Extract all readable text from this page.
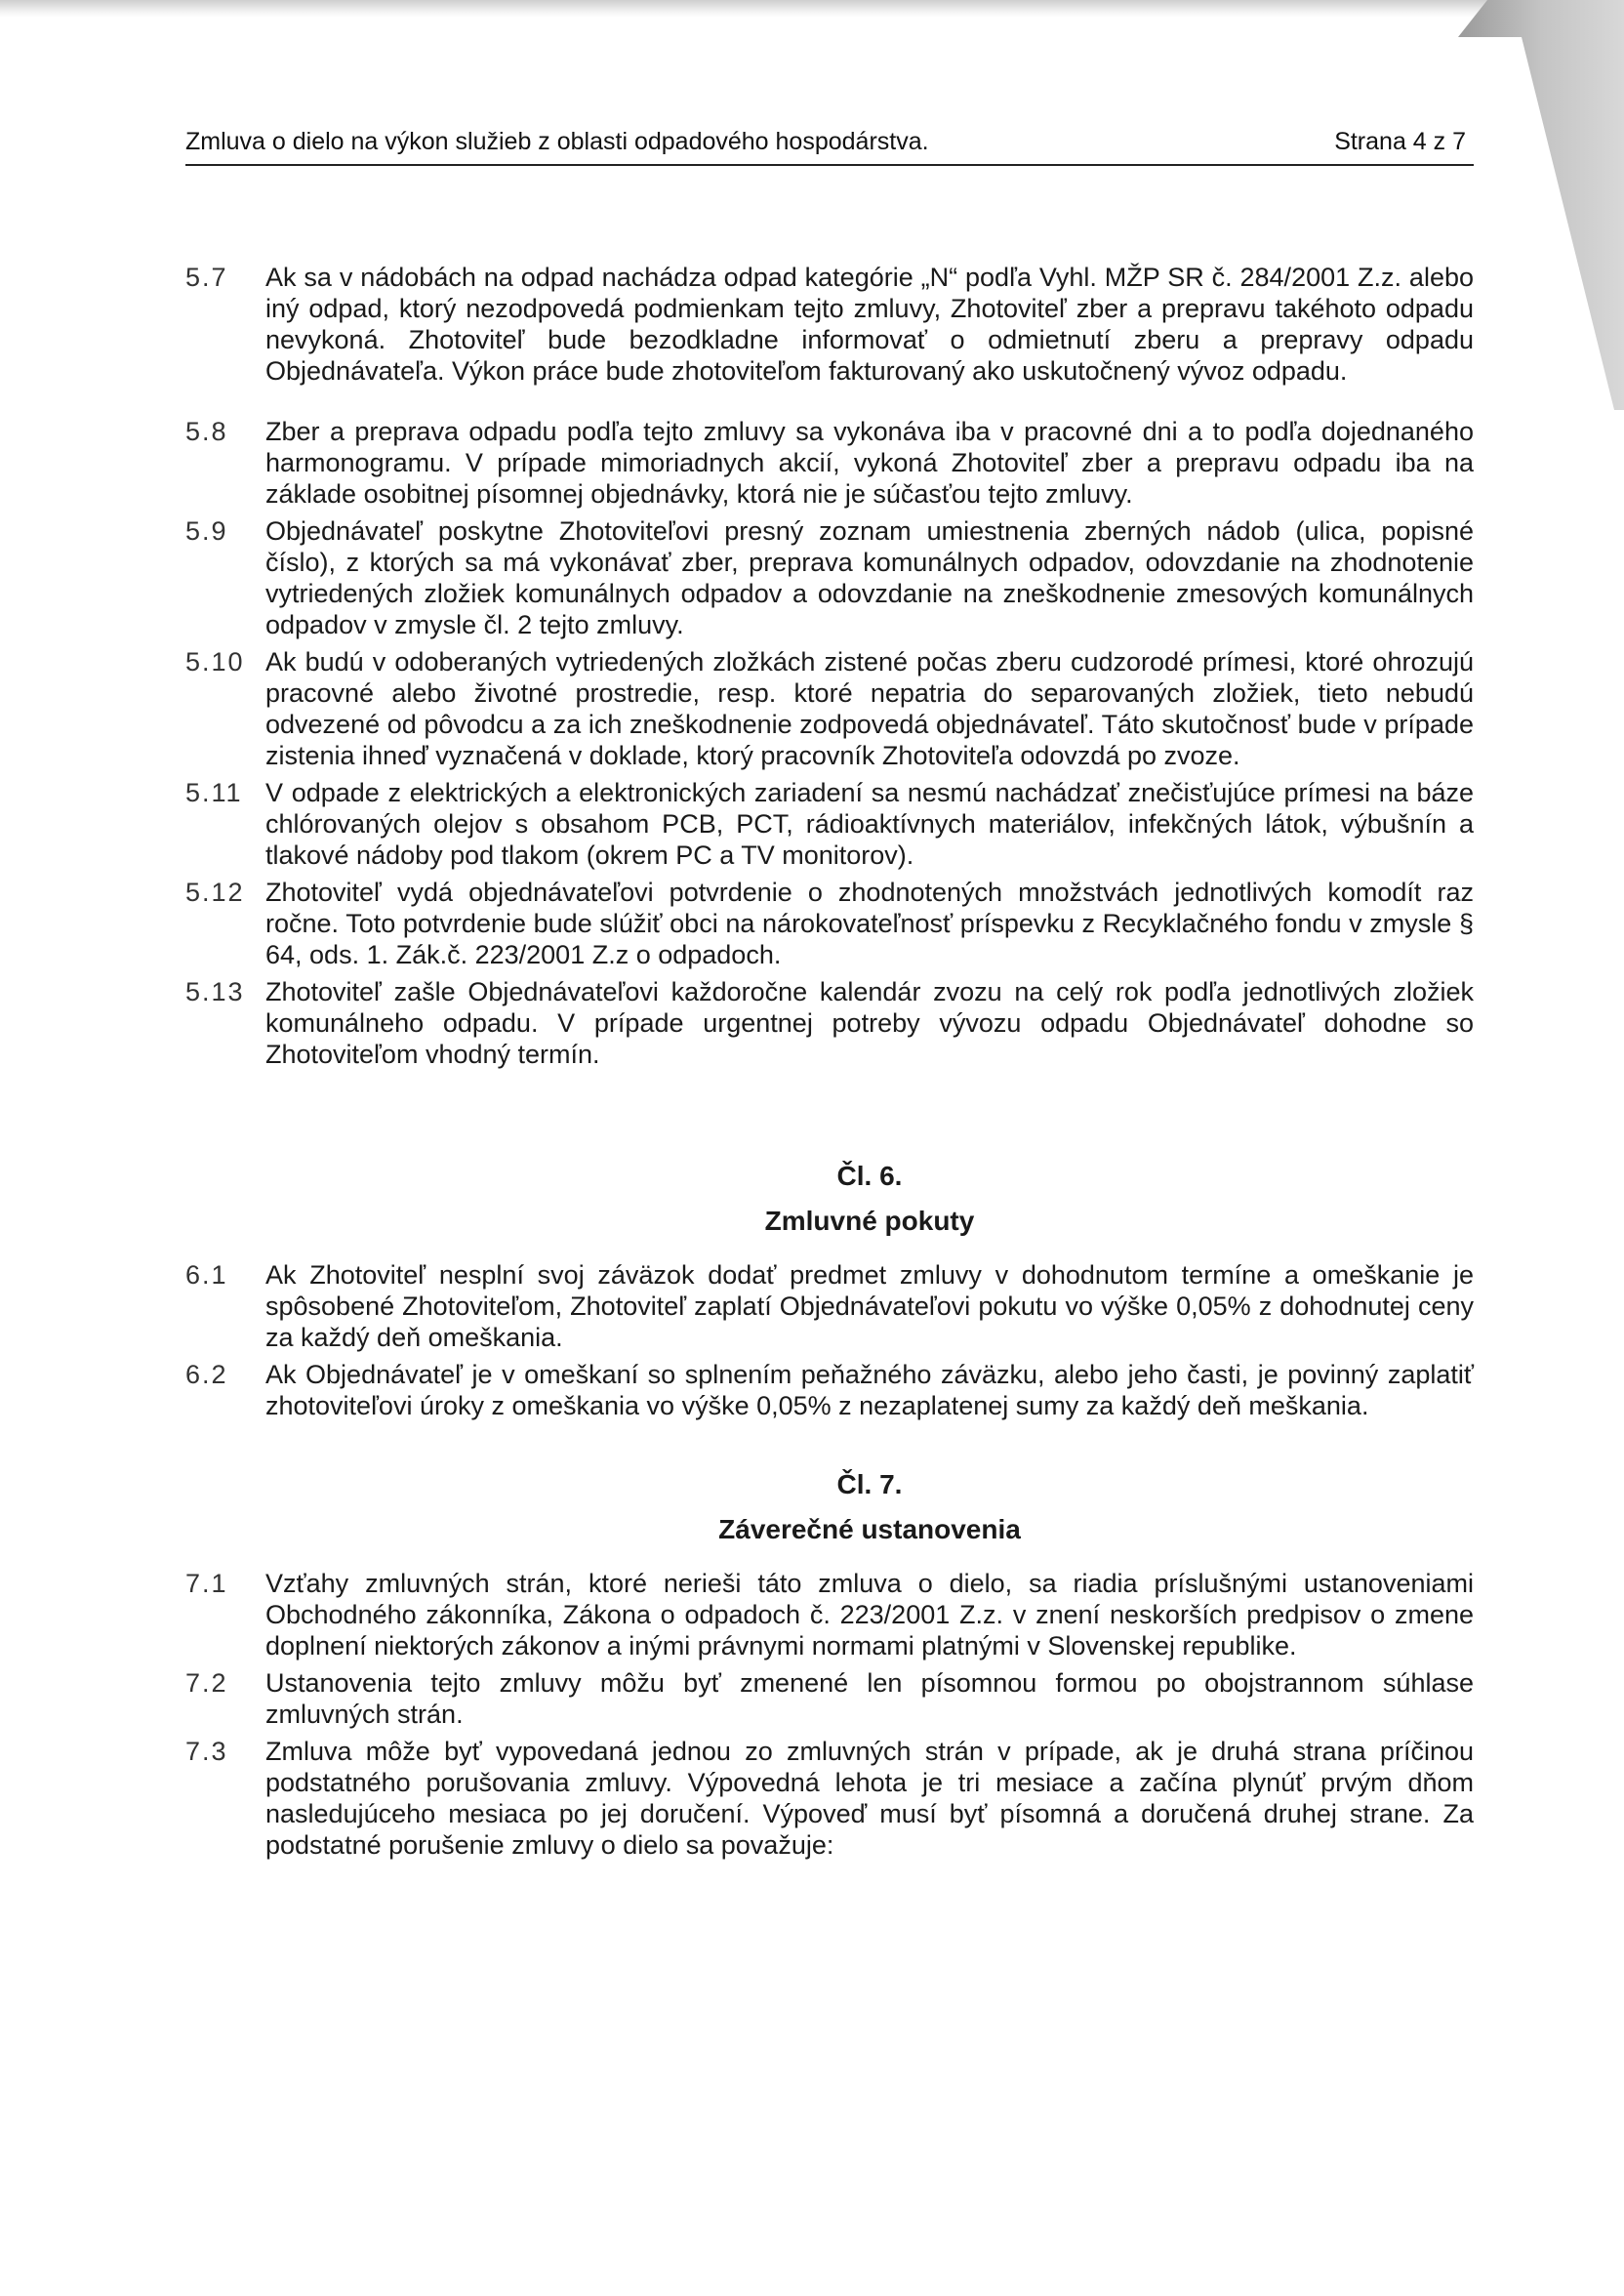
Zmluva o dielo na výkon služieb z oblasti odpadového hospodárstva.	Strana 4 z 7
5.7	Ak sa v nádobách na odpad nachádza odpad kategórie „N“ podľa Vyhl. MŽP SR č. 284/2001 Z.z. alebo iný odpad, ktorý nezodpovedá podmienkam tejto zmluvy, Zhotoviteľ zber a prepravu takéhoto odpadu nevykoná. Zhotoviteľ bude bezodkladne informovať o odmietnutí zberu a prepravy odpadu Objednávateľa. Výkon práce bude zhotoviteľom fakturovaný ako uskutočnený vývoz odpadu.
5.8	Zber a preprava odpadu podľa tejto zmluvy sa vykonáva iba v pracovné dni a to podľa dojednaného harmonogramu. V prípade mimoriadnych akcií, vykoná Zhotoviteľ zber a prepravu odpadu iba na základe osobitnej písomnej objednávky, ktorá nie je súčasťou tejto zmluvy.
5.9	Objednávateľ poskytne Zhotoviteľovi presný zoznam umiestnenia zberných nádob (ulica, popisné číslo), z ktorých sa má vykonávať zber, preprava komunálnych odpadov, odovzdanie na zhodnotenie vytriedených zložiek komunálnych odpadov a odovzdanie na zneškodnenie zmesových komunálnych odpadov v zmysle čl. 2 tejto zmluvy.
5.10 Ak budú v odoberaných vytriedených zložkách zistené počas zberu cudzorodé prímesi, ktoré ohrozujú pracovné alebo životné prostredie, resp. ktoré nepatria do separovaných zložiek, tieto nebudú odvezené od pôvodcu a za ich zneškodnenie zodpovedá objednávateľ. Táto skutočnosť bude v prípade zistenia ihneď vyznačená v doklade, ktorý pracovník Zhotoviteľa odovzdá po zvoze.
5.11 V odpade z elektrických a elektronických zariadení sa nesmú nachádzať znečisťujúce prímesi na báze chlórovaných olejov s obsahom PCB, PCT, rádioaktívnych materiálov, infekčných látok, výbušnín a tlakové nádoby pod tlakom (okrem PC a TV monitorov).
5.12 Zhotoviteľ vydá objednávateľovi potvrdenie o zhodnotených množstvách jednotlivých komodít raz ročne. Toto potvrdenie bude slúžiť obci na nárokovateľnosť príspevku z Recyklačného fondu v zmysle § 64, ods. 1. Zák.č. 223/2001 Z.z o odpadoch.
5.13 Zhotoviteľ zašle Objednávateľovi každoročne kalendár zvozu na celý rok podľa jednotlivých zložiek komunálneho odpadu. V prípade urgentnej potreby vývozu odpadu Objednávateľ dohodne so Zhotoviteľom vhodný termín.
Čl. 6.
Zmluvné pokuty
6.1	Ak Zhotoviteľ nesplní svoj záväzok dodať predmet zmluvy v dohodnutom termíne a omeškanie je spôsobené Zhotoviteľom, Zhotoviteľ zaplatí Objednávateľovi pokutu vo výške 0,05% z dohodnutej ceny za každý deň omeškania.
6.2	Ak Objednávateľ je v omeškaní so splnením peňažného záväzku, alebo jeho časti, je povinný zaplatiť zhotoviteľovi úroky z omeškania vo výške 0,05% z nezaplatenej sumy za každý deň meškania.
Čl. 7.
Záverečné ustanovenia
7.1	Vzťahy zmluvných strán, ktoré nerieši táto zmluva o dielo, sa riadia príslušnými ustanoveniami Obchodného zákonníka, Zákona o odpadoch č. 223/2001 Z.z. v znení neskorších predpisov o zmene doplnení niektorých zákonov a inými právnymi normami platnými v Slovenskej republike.
7.2	Ustanovenia tejto zmluvy môžu byť zmenené len písomnou formou po obojstrannom súhlase zmluvných strán.
7.3	Zmluva môže byť vypovedaná jednou zo zmluvných strán v prípade, ak je druhá strana príčinou podstatného porušovania zmluvy. Výpovedná lehota je tri mesiace a začína plynúť prvým dňom nasledujúceho mesiaca po jej doručení. Výpoveď musí byť písomná a doručená druhej strane. Za podstatné porušenie zmluvy o dielo sa považuje:
